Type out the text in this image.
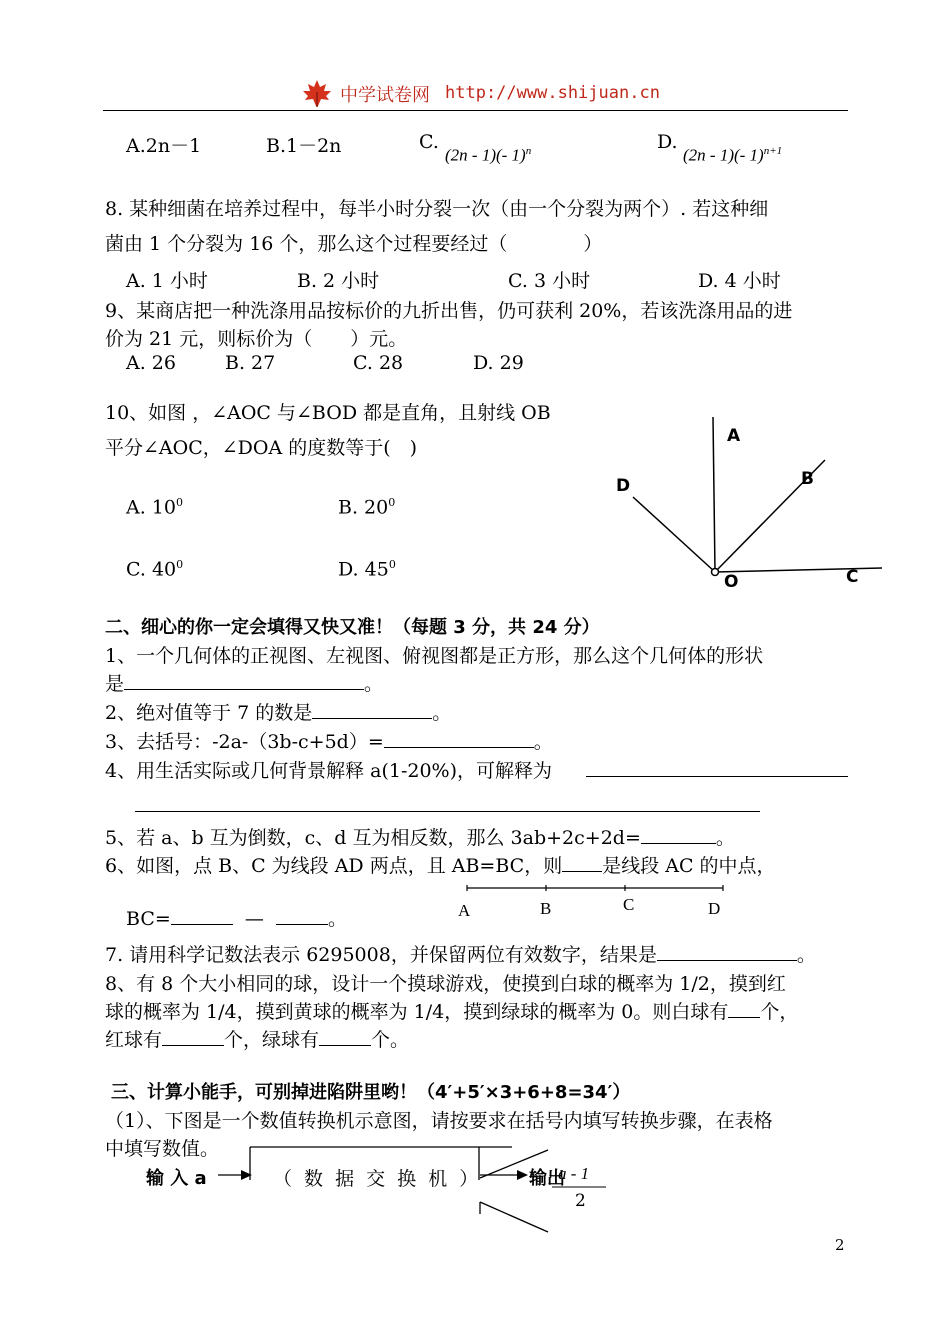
中学试卷网 http://www.shijuan.cn
A.2n－1	B.1－2n	C.
(2n - 1)(- 1)$^n$	D.
(2n - 1)(- 1)$^{n+1}$
8. 某种细菌在培养过程中，每半小时分裂一次（由一个分裂为两个）. 若这种细
菌由 1 个分裂为 16 个，那么这个过程要经过（　　　　）
A. 1 小时	B. 2 小时	C. 3 小时	D. 4 小时
9、某商店把一种洗涤用品按标价的九折出售，仍可获利 20%，若该洗涤用品的进
价为 21 元，则标价为（　　）元。
A. 26	B. 27	C. 28	D. 29
10、如图 ，∠AOC 与∠BOD 都是直角，且射线 OB
平分∠AOC，∠DOA 的度数等于(　)
A. $10^0$	B. $20^0$
C. $40^0$	D. $45^0$
A
B
D
O	C
二、细心的你一定会填得又快又准！（每题 3 分，共 24 分）
1、一个几何体的正视图、左视图、俯视图都是正方形，那么这个几何体的形状
是	。
2、绝对值等于 7 的数是	。
3、去括号：-2a-（3b-c+5d）=	。
4、用生活实际或几何背景解释 a(1-20%)，可解释为
5、若 a、b 互为倒数，c、d 互为相反数，那么 3ab+2c+2d=	。
6、如图，点 B、C 为线段 AD 两点，且 AB=BC，则 是线段 AC 的中点，
A	B	C	D
BC=	—	。
7. 请用科学记数法表示 6295008，并保留两位有效数字，结果是	。
8、有 8 个大小相同的球，设计一个摸球游戏，使摸到白球的概率为 1/2，摸到红
球的概率为 1/4，摸到黄球的概率为 1/4，摸到绿球的概率为 0。则白球有 个，
红球有	个，绿球有	个。
三、计算小能手，可别掉进陷阱里哟！（4′+5′×3+6+8=34′）
（1）、下图是一个数值转换机示意图，请按要求在括号内填写转换步骤，在表格
中填写数值。
输 入 a	（ 数 据 交 换 机 ）	输出
a - 1
2
2
